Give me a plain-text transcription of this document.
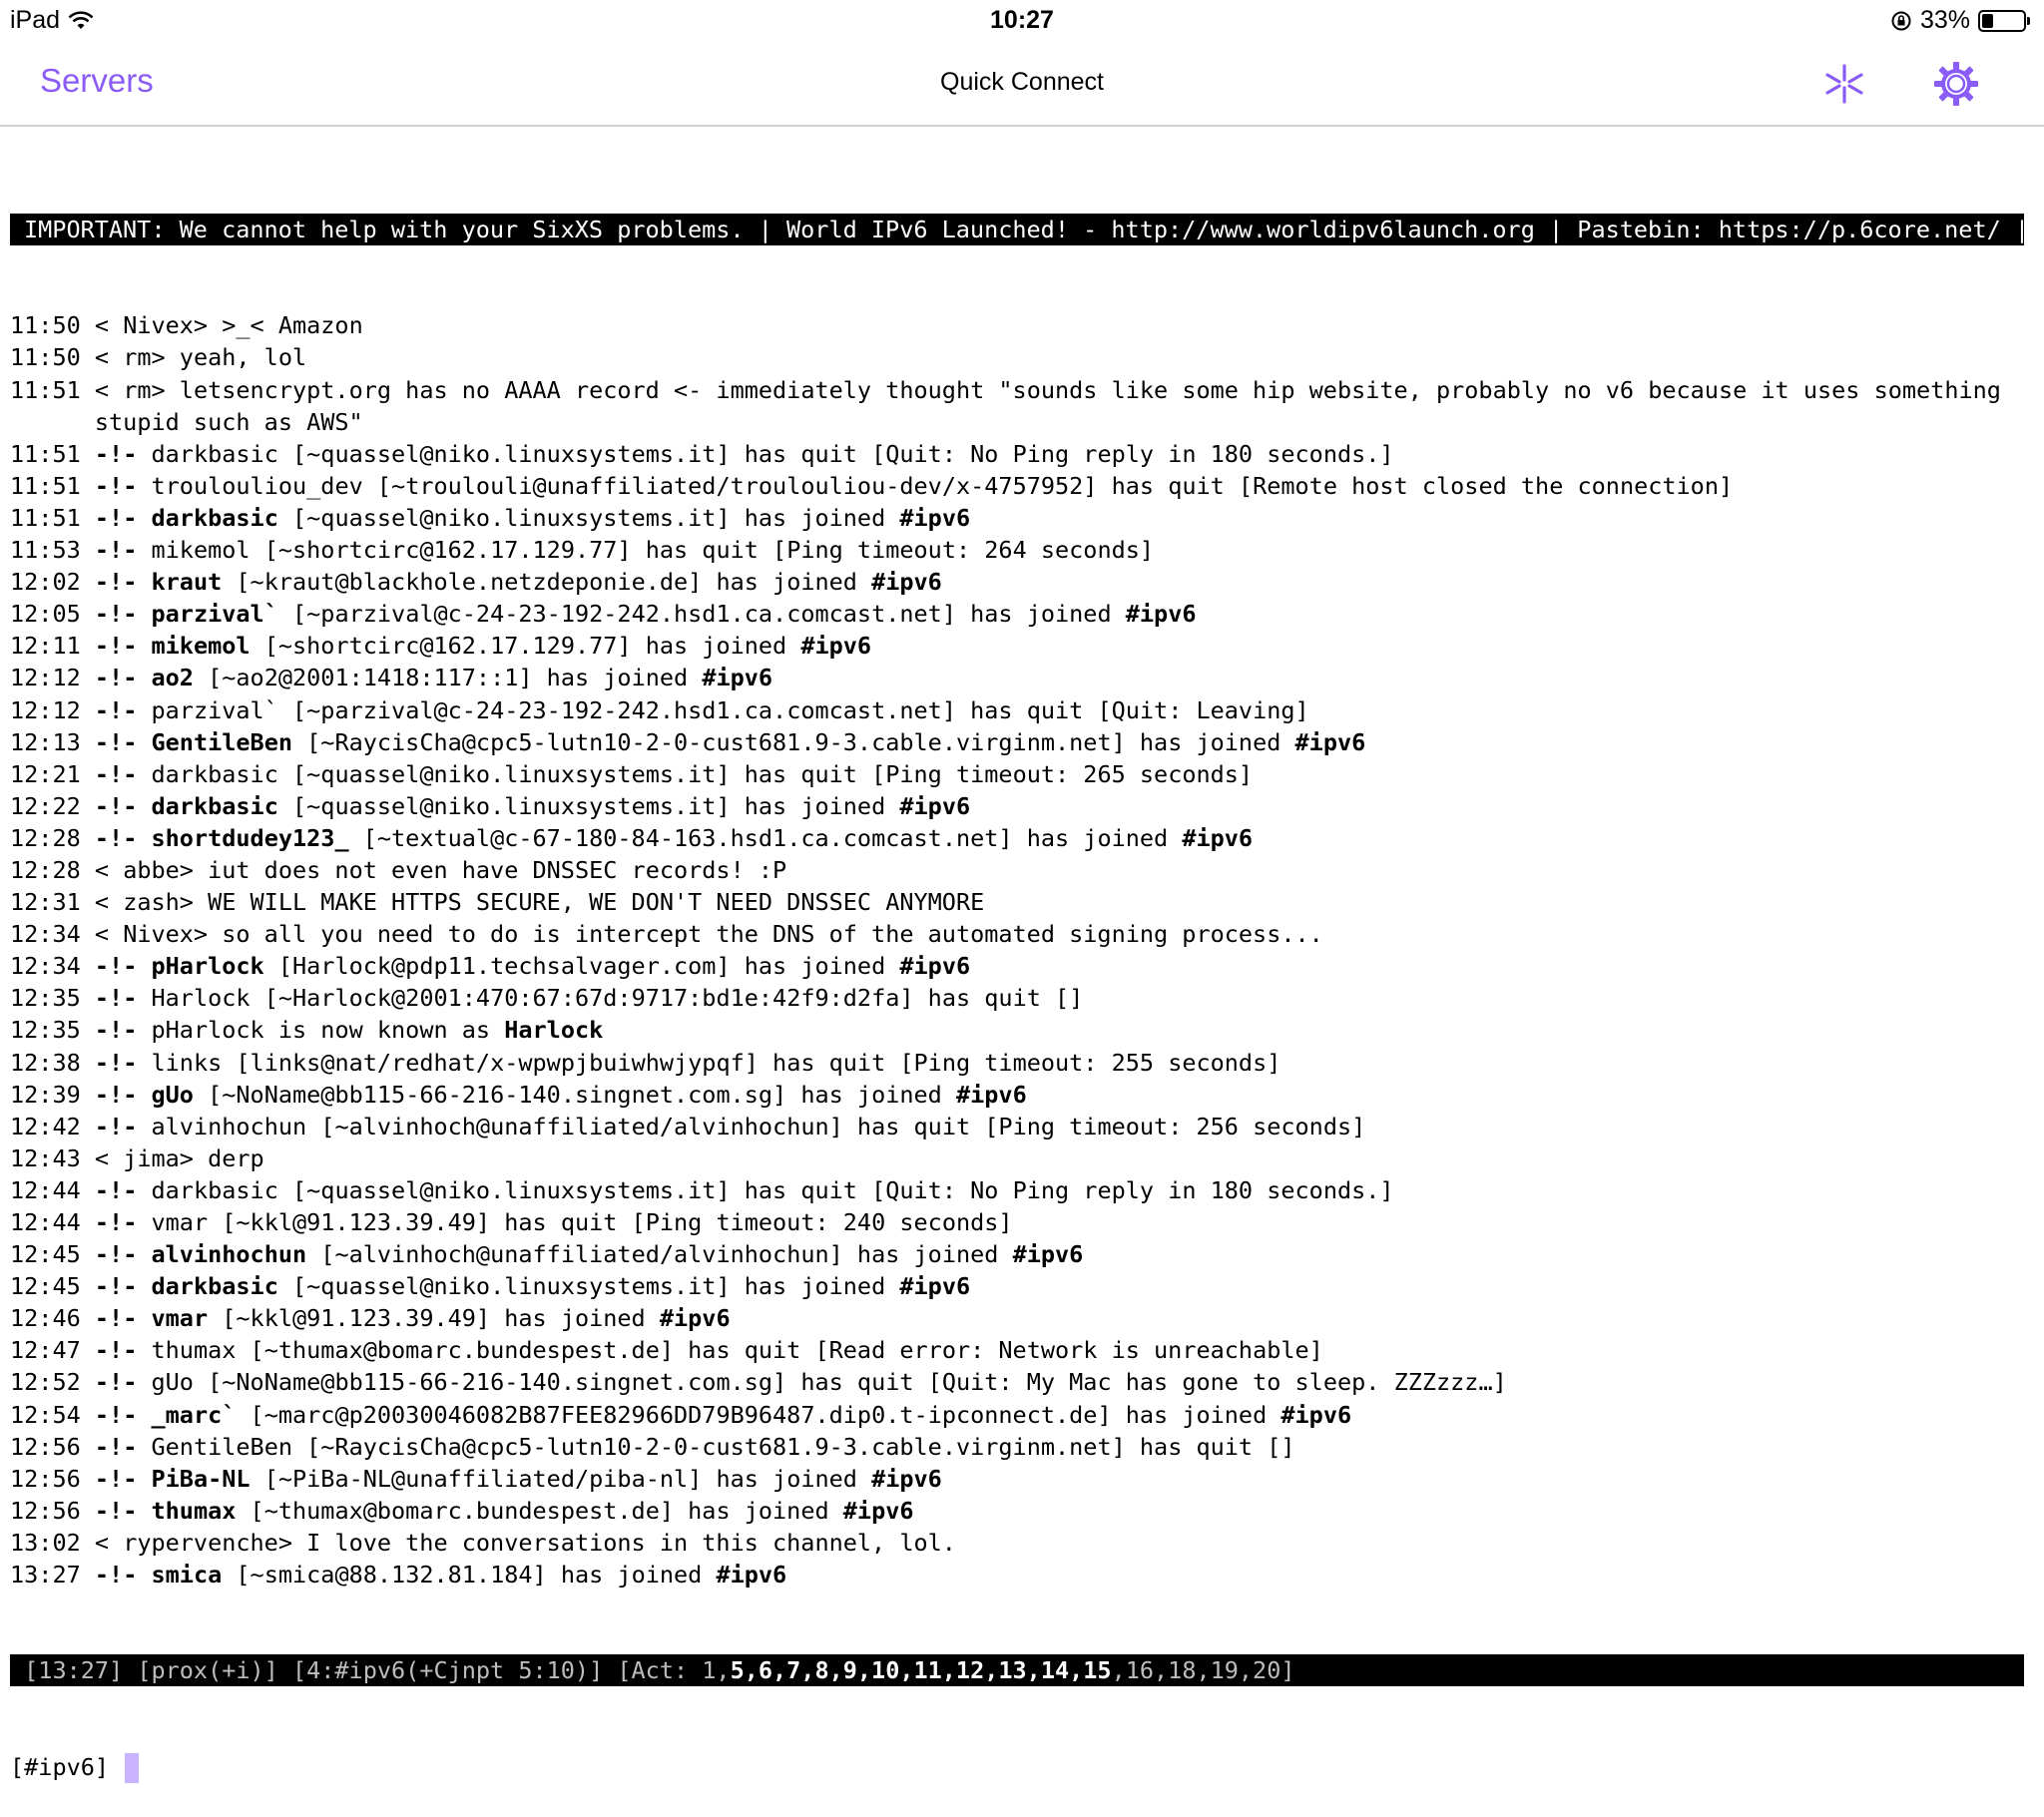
iPad	10:27	33%
Servers	Quick Connect

IMPORTANT: We cannot help with your SixXS problems. | World IPv6 Launched! - http://www.worldipv6launch.org | Pastebin: https://p.6core.net/ |

11:50 < Nivex> >_< Amazon
11:50 < rm> yeah, lol
11:51 < rm> letsencrypt.org has no AAAA record <- immediately thought "sounds like some hip website, probably no v6 because it uses something
stupid such as AWS"
11:51 -!- darkbasic [~quassel@niko.linuxsystems.it] has quit [Quit: No Ping reply in 180 seconds.]
11:51 -!- troulouliou_dev [~troulouli@unaffiliated/troulouliou-dev/x-4757952] has quit [Remote host closed the connection]
11:51 -!- darkbasic [~quassel@niko.linuxsystems.it] has joined #ipv6
11:53 -!- mikemol [~shortcirc@162.17.129.77] has quit [Ping timeout: 264 seconds]
12:02 -!- kraut [~kraut@blackhole.netzdeponie.de] has joined #ipv6
12:05 -!- parzival` [~parzival@c-24-23-192-242.hsd1.ca.comcast.net] has joined #ipv6
12:11 -!- mikemol [~shortcirc@162.17.129.77] has joined #ipv6
12:12 -!- ao2 [~ao2@2001:1418:117::1] has joined #ipv6
12:12 -!- parzival` [~parzival@c-24-23-192-242.hsd1.ca.comcast.net] has quit [Quit: Leaving]
12:13 -!- GentileBen [~RaycisCha@cpc5-lutn10-2-0-cust681.9-3.cable.virginm.net] has joined #ipv6
12:21 -!- darkbasic [~quassel@niko.linuxsystems.it] has quit [Ping timeout: 265 seconds]
12:22 -!- darkbasic [~quassel@niko.linuxsystems.it] has joined #ipv6
12:28 -!- shortdudey123_ [~textual@c-67-180-84-163.hsd1.ca.comcast.net] has joined #ipv6
12:28 < abbe> iut does not even have DNSSEC records! :P
12:31 < zash> WE WILL MAKE HTTPS SECURE, WE DON'T NEED DNSSEC ANYMORE
12:34 < Nivex> so all you need to do is intercept the DNS of the automated signing process...
12:34 -!- pHarlock [Harlock@pdp11.techsalvager.com] has joined #ipv6
12:35 -!- Harlock [~Harlock@2001:470:67:67d:9717:bd1e:42f9:d2fa] has quit []
12:35 -!- pHarlock is now known as Harlock
12:38 -!- links [links@nat/redhat/x-wpwpjbuiwhwjypqf] has quit [Ping timeout: 255 seconds]
12:39 -!- gUo [~NoName@bb115-66-216-140.singnet.com.sg] has joined #ipv6
12:42 -!- alvinhochun [~alvinhoch@unaffiliated/alvinhochun] has quit [Ping timeout: 256 seconds]
12:43 < jima> derp
12:44 -!- darkbasic [~quassel@niko.linuxsystems.it] has quit [Quit: No Ping reply in 180 seconds.]
12:44 -!- vmar [~kkl@91.123.39.49] has quit [Ping timeout: 240 seconds]
12:45 -!- alvinhochun [~alvinhoch@unaffiliated/alvinhochun] has joined #ipv6
12:45 -!- darkbasic [~quassel@niko.linuxsystems.it] has joined #ipv6
12:46 -!- vmar [~kkl@91.123.39.49] has joined #ipv6
12:47 -!- thumax [~thumax@bomarc.bundespest.de] has quit [Read error: Network is unreachable]
12:52 -!- gUo [~NoName@bb115-66-216-140.singnet.com.sg] has quit [Quit: My Mac has gone to sleep. ZZZzzz…]
12:54 -!- _marc` [~marc@p20030046082B87FEE82966DD79B96487.dip0.t-ipconnect.de] has joined #ipv6
12:56 -!- GentileBen [~RaycisCha@cpc5-lutn10-2-0-cust681.9-3.cable.virginm.net] has quit []
12:56 -!- PiBa-NL [~PiBa-NL@unaffiliated/piba-nl] has joined #ipv6
12:56 -!- thumax [~thumax@bomarc.bundespest.de] has joined #ipv6
13:02 < rypervenche> I love the conversations in this channel, lol.
13:27 -!- smica [~smica@88.132.81.184] has joined #ipv6

[13:27] [prox(+i)] [4:#ipv6(+Cjnpt 5:10)] [Act: 1,5,6,7,8,9,10,11,12,13,14,15,16,18,19,20]

[#ipv6]
